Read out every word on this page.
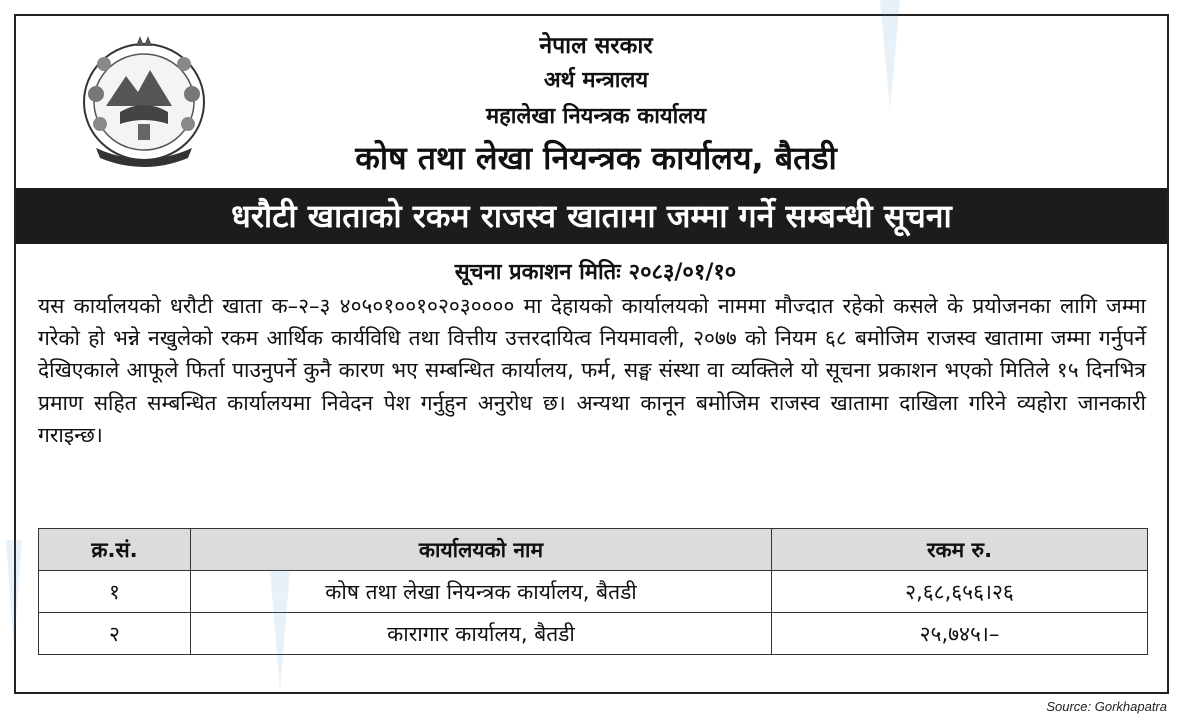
नेपाल सरकार
अर्थ मन्त्रालय
महालेखा नियन्त्रक कार्यालय
कोष तथा लेखा नियन्त्रक कार्यालय, बैतडी
धरौटी खाताको रकम राजस्व खातामा जम्मा गर्ने सम्बन्धी सूचना
सूचना प्रकाशन मितिः २०८३/०१/१०
यस कार्यालयको धरौटी खाता क–२–३ ४०५०१००१०२०३०००० मा देहायको कार्यालयको नाममा मौज्दात रहेको कसले के प्रयोजनका लागि जम्मा गरेको हो भन्ने नखुलेको रकम आर्थिक कार्यविधि तथा वित्तीय उत्तरदायित्व नियमावली, २०७७ को नियम ६८ बमोजिम राजस्व खातामा जम्मा गर्नुपर्ने देखिएकाले आफूले फिर्ता पाउनुपर्ने कुनै कारण भए सम्बन्धित कार्यालय, फर्म, सङ्घ संस्था वा व्यक्तिले यो सूचना प्रकाशन भएको मितिले १५ दिनभित्र प्रमाण सहित सम्बन्धित कार्यालयमा निवेदन पेश गर्नुहुन अनुरोध छ। अन्यथा कानून बमोजिम राजस्व खातामा दाखिला गरिने व्यहोरा जानकारी गराइन्छ।
क्र.सं.	कार्यालयको नाम	रकम रु.
१	कोष तथा लेखा नियन्त्रक कार्यालय, बैतडी	२,६८,६५६।२६
२	कारागार कार्यालय, बैतडी	२५,७४५।–
Source: Gorkhapatra
